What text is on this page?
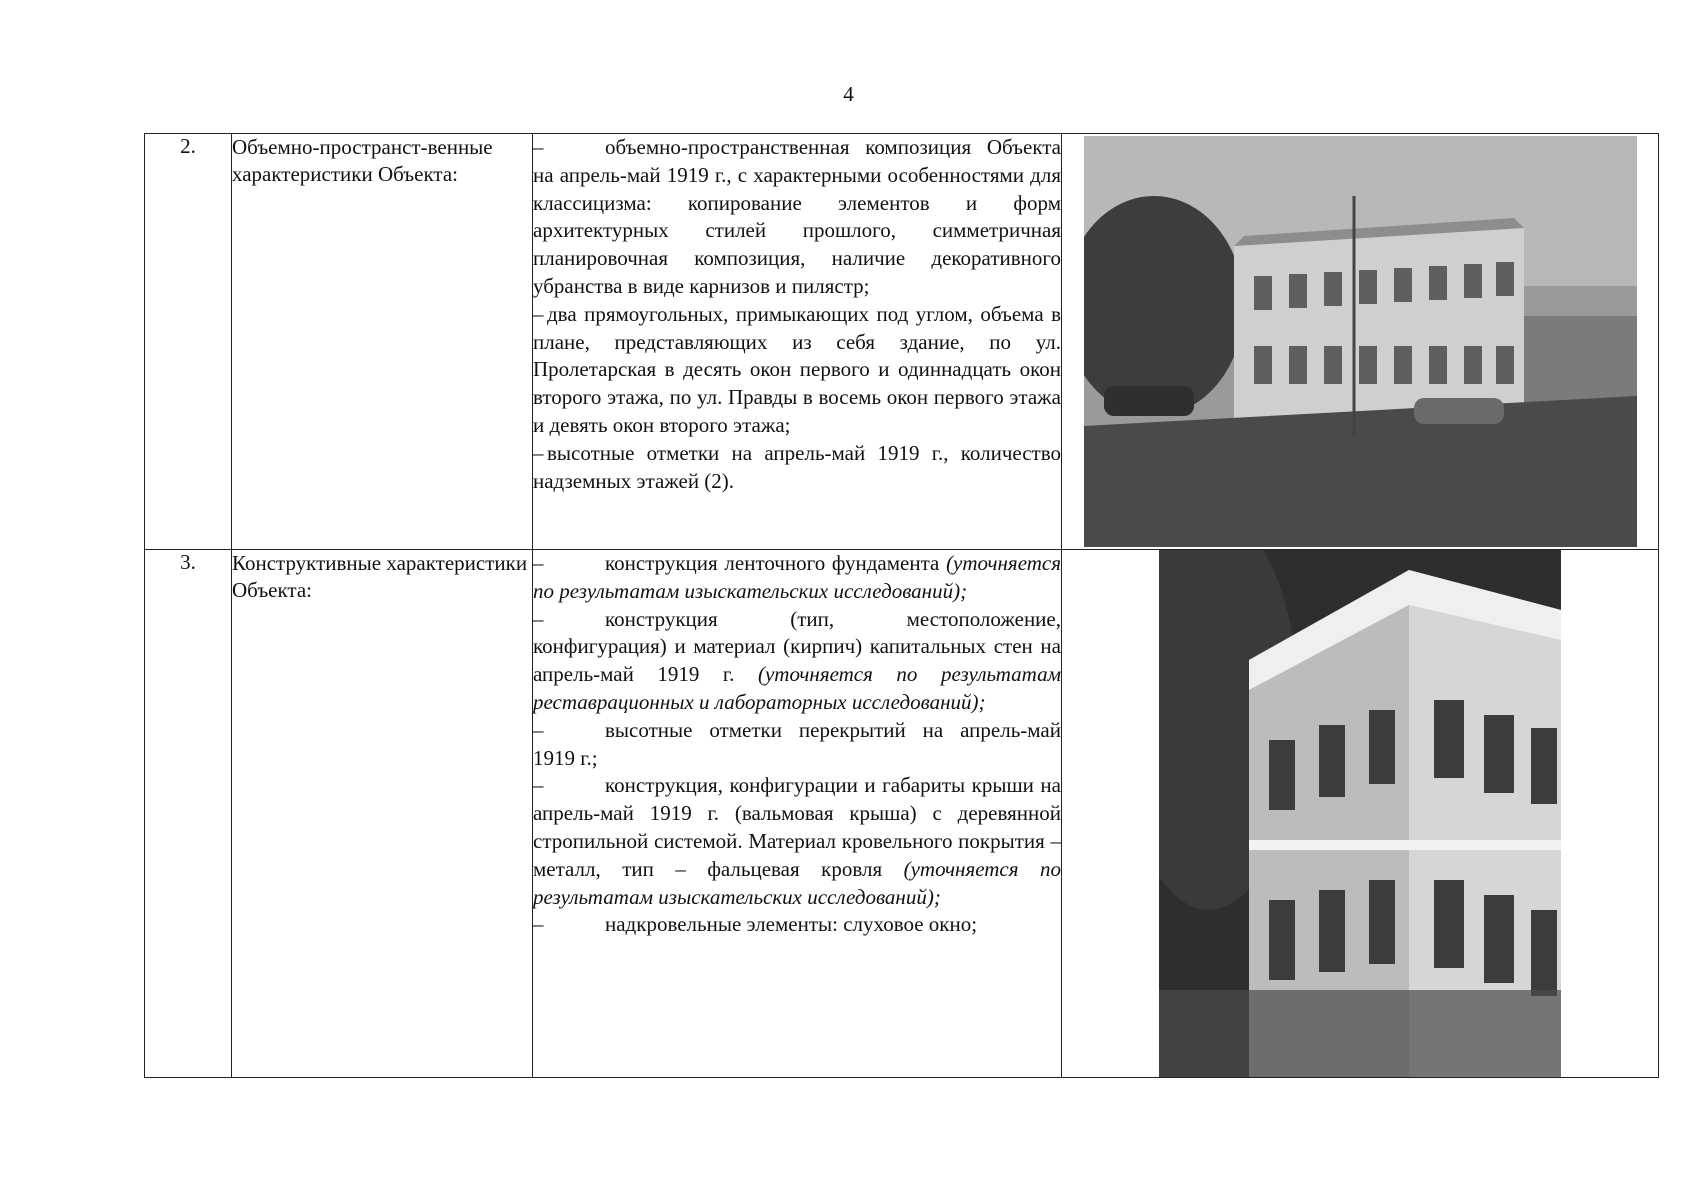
4
2.	Объемно-пространст-венные характеристики Объекта:	– объемно-пространственная композиция Объекта на апрель-май 1919 г., с характерными особенностями для классицизма: копирование элементов и форм архитектурных стилей прошлого, симметричная планировочная композиция, наличие декоративного убранства в виде карнизов и пилястр;

– два прямоугольных, примыкающих под углом, объема в плане, представляющих из себя здание, по ул. Пролетарская в десять окон первого и одиннадцать окон второго этажа, по ул. Правды в восемь окон первого этажа и девять окон второго этажа;

– высотные отметки на апрель-май 1919 г., количество надземных этажей (2).

3.	Конструктивные характеристики Объекта:	– конструкция ленточного фундамента (уточняется по результатам изыскательских исследований);

– конструкция (тип, местоположение, конфигурация) и материал (кирпич) капитальных стен на апрель-май 1919 г. (уточняется по результатам реставрационных и лабораторных исследований);

– высотные отметки перекрытий на апрель-май 1919 г.;

– конструкция, конфигурации и габариты крыши на апрель-май 1919 г. (вальмовая крыша) с деревянной стропильной системой. Материал кровельного покрытия – металл, тип – фальцевая кровля (уточняется по результатам изыскательских исследований);

– надкровельные элементы: слуховое окно;
